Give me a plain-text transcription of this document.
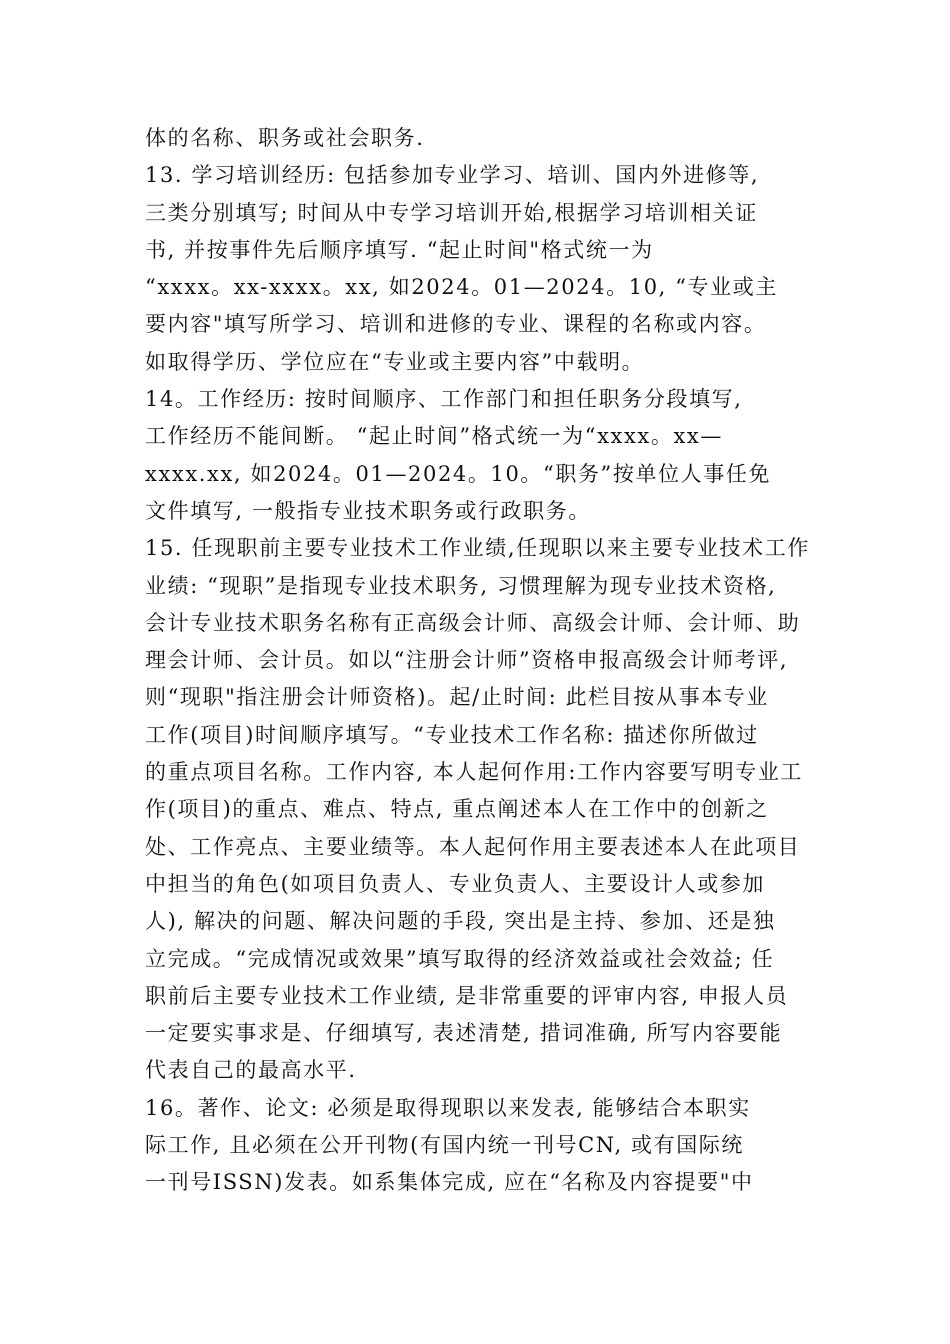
体的名称、职务或社会职务.
13. 学习培训经历: 包括参加专业学习、培训、国内外进修等,
三类分别填写; 时间从中专学习培训开始,根据学习培训相关证
书, 并按事件先后顺序填写. “起止时间"格式统一为
“xxxx。xx-xxxx。xx, 如2024。01—2024。10, “专业或主
要内容"填写所学习、培训和进修的专业、课程的名称或内容。
如取得学历、学位应在“专业或主要内容”中载明。
14。工作经历: 按时间顺序、工作部门和担任职务分段填写,
工作经历不能间断。 “起止时间”格式统一为“xxxx。xx—
xxxx.xx, 如2024。01—2024。10。“职务”按单位人事任免
文件填写, 一般指专业技术职务或行政职务。
15. 任现职前主要专业技术工作业绩,任现职以来主要专业技术工作
业绩: “现职”是指现专业技术职务, 习惯理解为现专业技术资格,
会计专业技术职务名称有正高级会计师、高级会计师、会计师、助
理会计师、会计员。如以“注册会计师”资格申报高级会计师考评,
则“现职"指注册会计师资格)。起/止时间: 此栏目按从事本专业
工作(项目)时间顺序填写。“专业技术工作名称: 描述你所做过
的重点项目名称。工作内容, 本人起何作用:工作内容要写明专业工
作(项目)的重点、难点、特点, 重点阐述本人在工作中的创新之
处、工作亮点、主要业绩等。本人起何作用主要表述本人在此项目
中担当的角色(如项目负责人、专业负责人、主要设计人或参加
人), 解决的问题、解决问题的手段, 突出是主持、参加、还是独
立完成。“完成情况或效果”填写取得的经济效益或社会效益; 任
职前后主要专业技术工作业绩, 是非常重要的评审内容, 申报人员
一定要实事求是、仔细填写, 表述清楚, 措词准确, 所写内容要能
代表自己的最高水平.
16。著作、论文: 必须是取得现职以来发表, 能够结合本职实
际工作, 且必须在公开刊物(有国内统一刊号CN, 或有国际统
一刊号ISSN)发表。如系集体完成, 应在“名称及内容提要"中
